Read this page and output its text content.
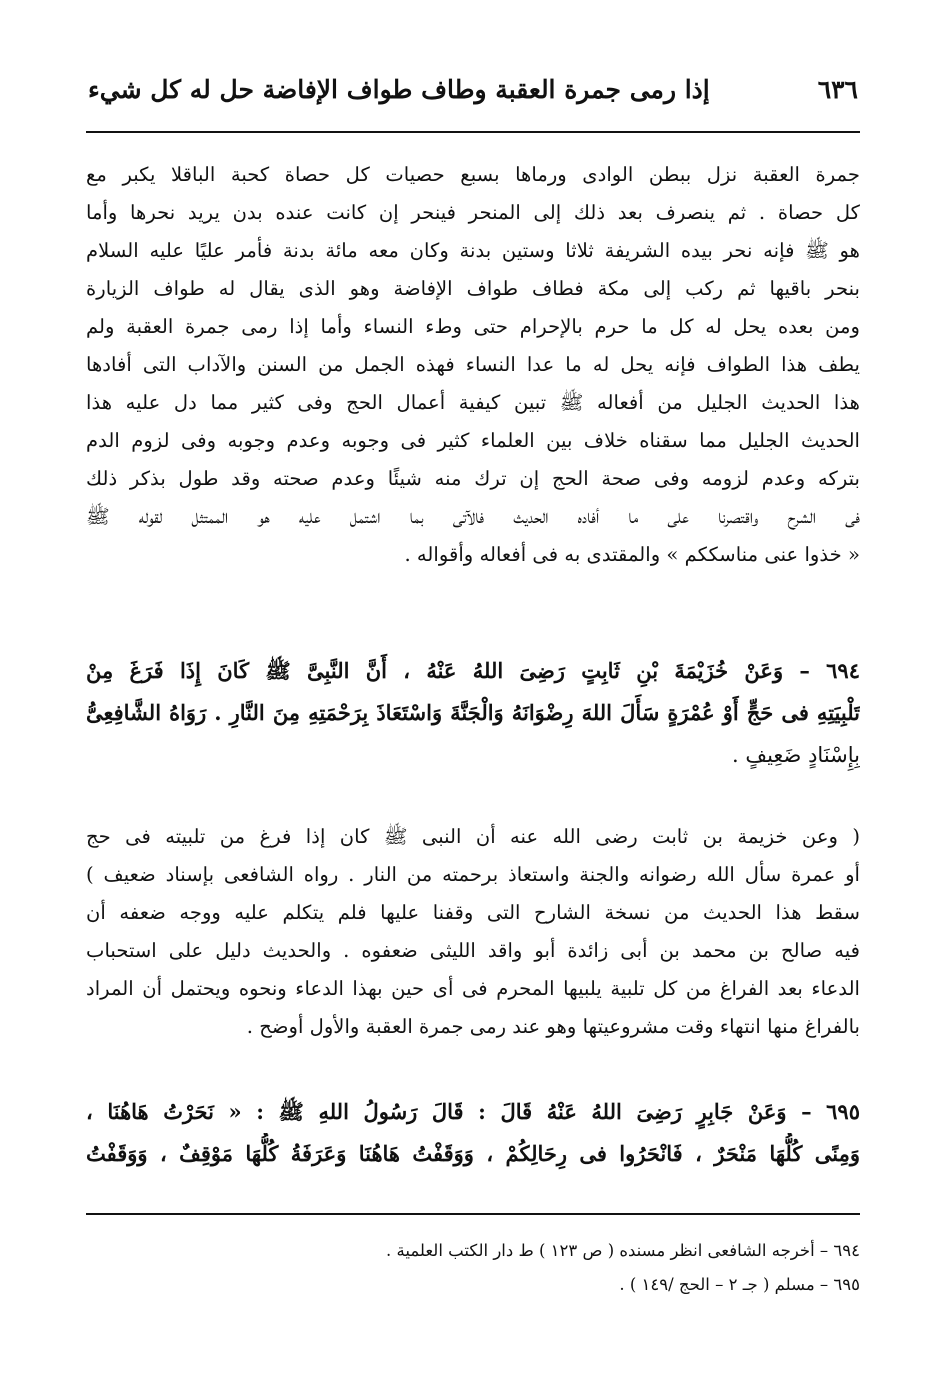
٦٣٦
إذا رمى جمرة العقبة وطاف طواف الإفاضة حل له كل شيء
جمرة العقبة نزل ببطن الوادى ورماها بسبع حصيات كل حصاة كحبة الباقلا يكبر مع
كل حصاة . ثم ينصرف بعد ذلك إلى المنحر فينحر إن كانت عنده بدن يريد نحرها وأما
هو ﷺ فإنه نحر بيده الشريفة ثلاثا وستين بدنة وكان معه مائة بدنة فأمر عليًا عليه السلام
بنحر باقيها ثم ركب إلى مكة فطاف طواف الإفاضة وهو الذى يقال له طواف الزيارة
ومن بعده يحل له كل ما حرم بالإحرام حتى وطء النساء وأما إذا رمى جمرة العقبة ولم
يطف هذا الطواف فإنه يحل له ما عدا النساء فهذه الجمل من السنن والآداب التى أفادها
هذا الحديث الجليل من أفعاله ﷺ تبين كيفية أعمال الحج وفى كثير مما دل عليه هذا
الحديث الجليل مما سقناه خلاف بين العلماء كثير فى وجوبه وعدم وجوبه وفى لزوم الدم
بتركه وعدم لزومه وفى صحة الحج إن ترك منه شيئًا وعدم صحته وقد طول بذكر ذلك
فى الشرح واقتصرنا على ما أفاده الحديث فالآتى بما اشتمل عليه هو الممتثل لقوله ﷺ
« خذوا عنى مناسككم » والمقتدى به فى أفعاله وأقواله .
٦٩٤ – وَعَنْ خُزَيْمَةَ بْنِ ثَابِتٍ رَضِىَ اللهُ عَنْهُ ، أَنَّ النَّبِىَّ ﷺ كَانَ إِذَا فَرَغَ مِنْ
تَلْبِيَتِهِ فى حَجٍّ أَوْ عُمْرَةٍ سَأَلَ اللهَ رِضْوَانَهُ وَالْجَنَّةَ وَاسْتَعَاذَ بِرَحْمَتِهِ مِنَ النَّارِ . رَوَاهُ الشَّافِعِىُّ
بِإِسْنَادٍ ضَعِيفٍ .
( وعن خزيمة بن ثابت رضى الله عنه أن النبى ﷺ كان إذا فرغ من تلبيته فى حج
أو عمرة سأل الله رضوانه والجنة واستعاذ برحمته من النار . رواه الشافعى بإسناد ضعيف )
سقط هذا الحديث من نسخة الشارح التى وقفنا عليها فلم يتكلم عليه ووجه ضعفه أن
فيه صالح بن محمد بن أبى زائدة أبو واقد الليثى ضعفوه . والحديث دليل على استحباب
الدعاء بعد الفراغ من كل تلبية يلبيها المحرم فى أى حين بهذا الدعاء ونحوه ويحتمل أن المراد
بالفراغ منها انتهاء وقت مشروعيتها وهو عند رمى جمرة العقبة والأول أوضح .
٦٩٥ – وَعَنْ جَابِرٍ رَضِىَ اللهُ عَنْهُ قَالَ : قَالَ رَسُولُ اللهِ ﷺ : « نَحَرْتُ هَاهُنَا ،
وَمِنًى كُلُّهَا مَنْحَرٌ ، فَانْحَرُوا فى رِحَالِكُمْ ، وَوَقَفْتُ هَاهُنَا وَعَرَفَةُ كُلُّهَا مَوْقِفٌ ، وَوَقَفْتُ
٦٩٤ – أخرجه الشافعى انظر مسنده ( ص ١٢٣ ) ط دار الكتب العلمية .
٦٩٥ – مسلم ( جـ ٢ – الحج /١٤٩ ) .
